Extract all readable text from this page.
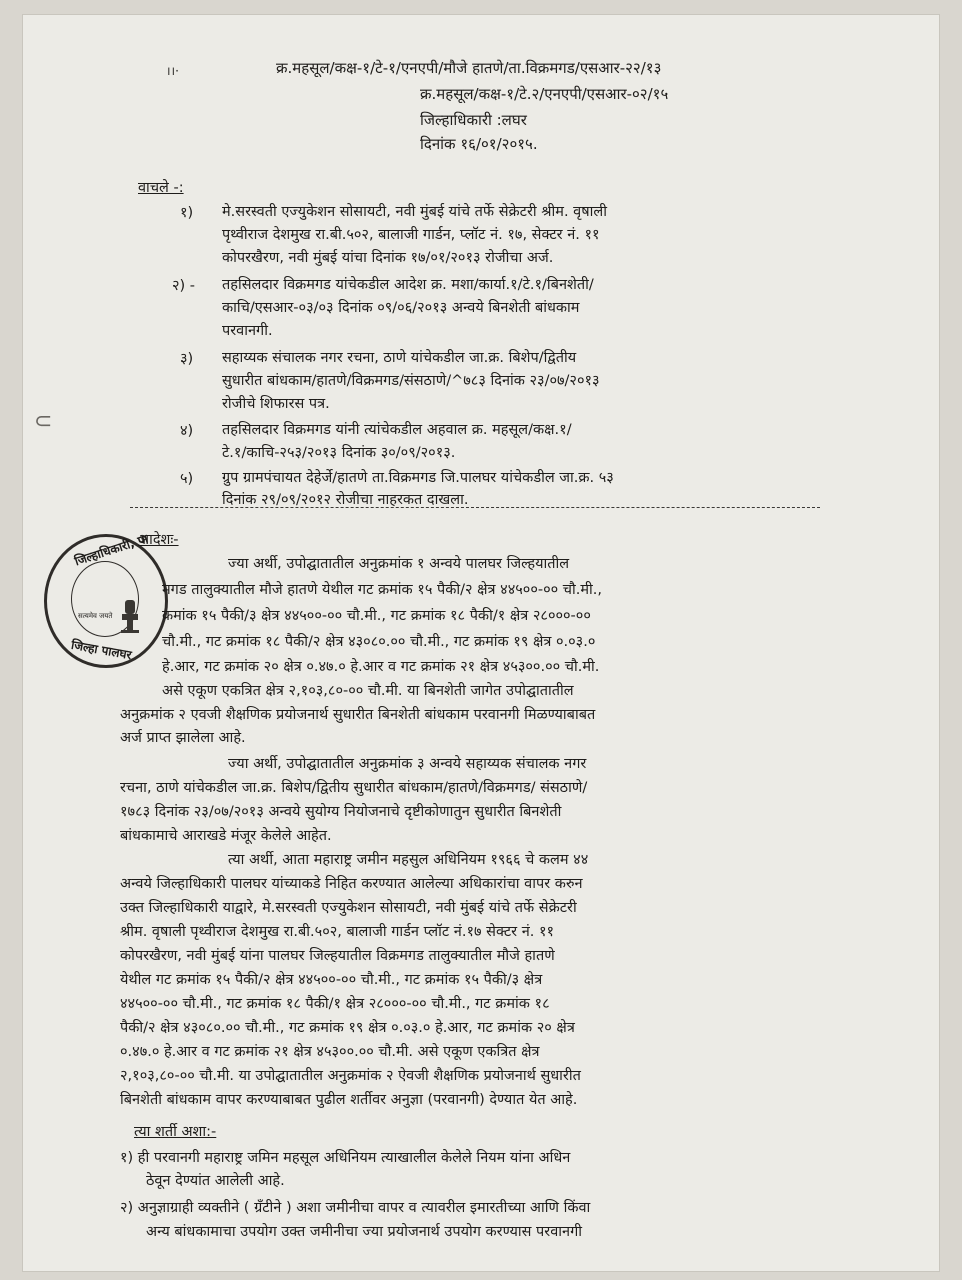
।।·	क्र.महसूल/कक्ष-१/टे-१/एनएपी/मौजे हातणे/ता.विक्रमगड/एसआर-२२/१३
क्र.महसूल/कक्ष-१/टे.२/एनएपी/एसआर-०२/१५
जिल्हाधिकारी :लघर
दिनांक १६/०१/२०१५.
वाचले -:
१) मे.सरस्वती एज्युकेशन सोसायटी, नवी मुंबई यांचे तर्फे सेक्रेटरी श्रीम. वृषाली
पृथ्वीराज देशमुख रा.बी.५०२, बालाजी गार्डन, प्लॉट नं. १७, सेक्टर नं. ११
कोपरखैरण, नवी मुंबई यांचा दिनांक १७/०१/२०१३ रोजीचा अर्ज.
२) - तहसिलदार विक्रमगड यांचेकडील आदेश क्र. मशा/कार्या.१/टे.१/बिनशेती/
काचि/एसआर-०३/०३ दिनांक ०९/०६/२०१३ अन्वये बिनशेती बांधकाम
परवानगी.
३) सहाय्यक संचालक नगर रचना, ठाणे यांचेकडील जा.क्र. बिशेप/द्वितीय
सुधारीत बांधकाम/हातणे/विक्रमगड/संसठाणे/^७८३ दिनांक २३/०७/२०१३
रोजीचे शिफारस पत्र.
⊂	४) तहसिलदार विक्रमगड यांनी त्यांचेकडील अहवाल क्र. महसूल/कक्ष.१/
टे.१/काचि-२५३/२०१३ दिनांक ३०/०९/२०१३.
५) ग्रुप ग्रामपंचायत देहेर्जे/हातणे ता.विक्रमगड जि.पालघर यांचेकडील जा.क्र. ५३
दिनांक २९/०९/२०१२ रोजीचा नाहरकत दाखला.
जिल्हाधिकारी, पा
सत्यमेव जयते
जिल्हा पालघर
आदेशः-
ज्या अर्थी, उपोद्घातातील अनुक्रमांक १ अन्वये पालघर जिल्हयातील
मगड तालुक्यातील मौजे हातणे येथील गट क्रमांक १५ पैकी/२ क्षेत्र ४४५००-०० चौ.मी.,
क्रमांक १५ पैकी/३ क्षेत्र ४४५००-०० चौ.मी., गट क्रमांक १८ पैकी/१ क्षेत्र २८०००-००
चौ.मी., गट क्रमांक १८ पैकी/२ क्षेत्र ४३०८०.०० चौ.मी., गट क्रमांक १९ क्षेत्र ०.०३.०
हे.आर, गट क्रमांक २० क्षेत्र ०.४७.० हे.आर व गट क्रमांक २१ क्षेत्र ४५३००.०० चौ.मी.
असे एकूण एकत्रित क्षेत्र २,१०३,८०-०० चौ.मी. या बिनशेती जागेत उपोद्घातातील
अनुक्रमांक २ एवजी शैक्षणिक प्रयोजनार्थ सुधारीत बिनशेती बांधकाम परवानगी मिळण्याबाबत
अर्ज प्राप्त झालेला आहे.
ज्या अर्थी, उपोद्घातातील अनुक्रमांक ३ अन्वये सहाय्यक संचालक नगर
रचना, ठाणे यांचेकडील जा.क्र. बिशेप/द्वितीय सुधारीत बांधकाम/हातणे/विक्रमगड/ संसठाणे/
१७८३ दिनांक २३/०७/२०१३ अन्वये सुयोग्य नियोजनाचे दृष्टीकोणातुन सुधारीत बिनशेती
बांधकामाचे आराखडे मंजूर केलेले आहेत.
त्या अर्थी, आता महाराष्ट्र जमीन महसुल अधिनियम १९६६ चे कलम ४४
अन्वये जिल्हाधिकारी पालघर यांच्याकडे निहित करण्यात आलेल्या अधिकारांचा वापर करुन
उक्त जिल्हाधिकारी याद्वारे, मे.सरस्वती एज्युकेशन सोसायटी, नवी मुंबई यांचे तर्फे सेक्रेटरी
श्रीम. वृषाली पृथ्वीराज देशमुख रा.बी.५०२, बालाजी गार्डन प्लॉट नं.१७ सेक्टर नं. ११
कोपरखैरण, नवी मुंबई यांना पालघर जिल्हयातील विक्रमगड तालुक्यातील मौजे हातणे
येथील गट क्रमांक १५ पैकी/२ क्षेत्र ४४५००-०० चौ.मी., गट क्रमांक १५ पैकी/३ क्षेत्र
४४५००-०० चौ.मी., गट क्रमांक १८ पैकी/१ क्षेत्र २८०००-०० चौ.मी., गट क्रमांक १८
पैकी/२ क्षेत्र ४३०८०.०० चौ.मी., गट क्रमांक १९ क्षेत्र ०.०३.० हे.आर, गट क्रमांक २० क्षेत्र
०.४७.० हे.आर व गट क्रमांक २१ क्षेत्र ४५३००.०० चौ.मी. असे एकूण एकत्रित क्षेत्र
२,१०३,८०-०० चौ.मी. या उपोद्घातातील अनुक्रमांक २ ऐवजी शैक्षणिक प्रयोजनार्थ सुधारीत
बिनशेती बांधकाम वापर करण्याबाबत पुढील शर्तीवर अनुज्ञा (परवानगी) देण्यात येत आहे.
त्या शर्ती अशा:-
१) ही परवानगी महाराष्ट्र जमिन महसूल अधिनियम त्याखालील केलेले नियम यांना अधिन
ठेवून देण्यांत आलेली आहे.
२) अनुज्ञाग्राही व्यक्तीने ( ग्रँटीने ) अशा जमीनीचा वापर व त्यावरील इमारतीच्या आणि किंवा
अन्य बांधकामाचा उपयोग उक्त जमीनीचा ज्या प्रयोजनार्थ उपयोग करण्यास परवानगी
